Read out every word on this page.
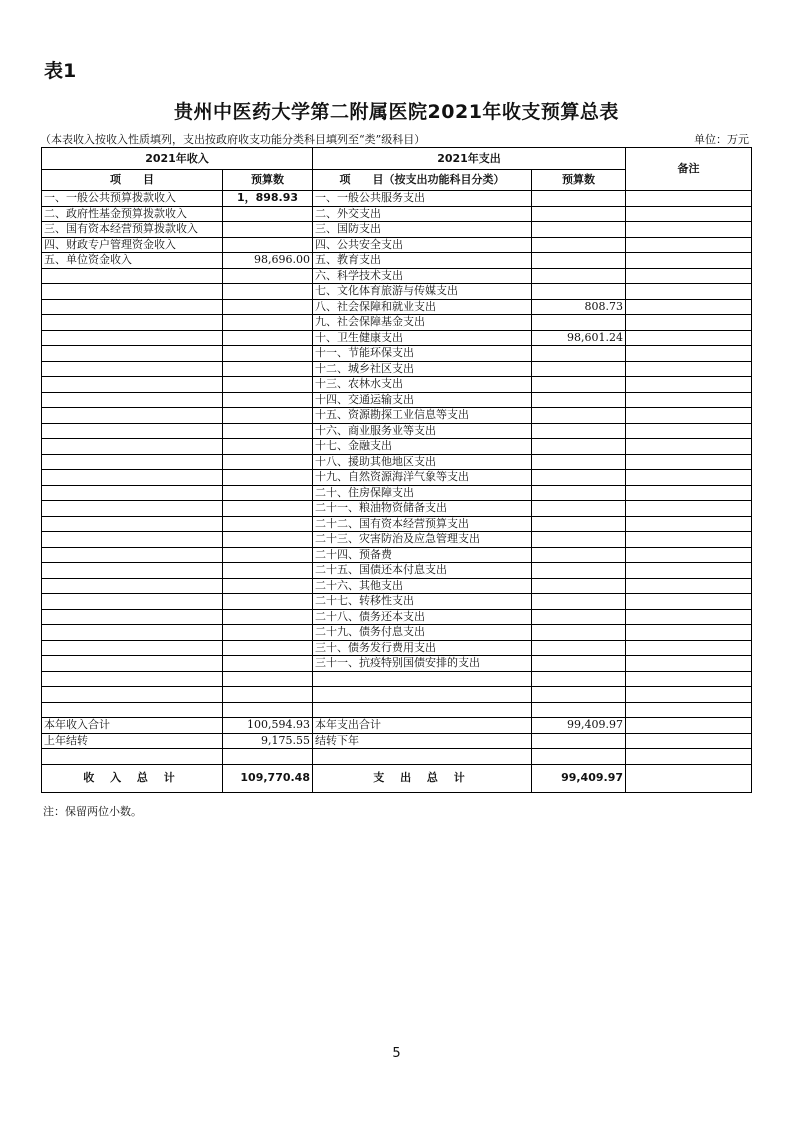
表1
贵州中医药大学第二附属医院2021年收支预算总表
（本表收入按收入性质填列，支出按政府收支功能分类科目填列至“类”级科目）	单位：万元
2021年收入		2021年支出		备注
项　　目	预算数	项　　目（按支出功能科目分类）	预算数	
一、一般公共预算拨款收入	1，898.93	一、一般公共服务支出		
二、政府性基金预算拨款收入		二、外交支出		
三、国有资本经营预算拨款收入		三、国防支出		
四、财政专户管理资金收入		四、公共安全支出		
五、单位资金收入	98,696.00	五、教育支出		
		六、科学技术支出		
		七、文化体育旅游与传媒支出		
		八、社会保障和就业支出	808.73	
		九、社会保障基金支出		
		十、卫生健康支出	98,601.24	
		十一、节能环保支出		
		十二、城乡社区支出		
		十三、农林水支出		
		十四、交通运输支出		
		十五、资源勘探工业信息等支出		
		十六、商业服务业等支出		
		十七、金融支出		
		十八、援助其他地区支出		
		十九、自然资源海洋气象等支出		
		二十、住房保障支出		
		二十一、粮油物资储备支出		
		二十二、国有资本经营预算支出		
		二十三、灾害防治及应急管理支出		
		二十四、预备费		
		二十五、国债还本付息支出		
		二十六、其他支出		
		二十七、转移性支出		
		二十八、债务还本支出		
		二十九、债务付息支出		
		三十、债务发行费用支出		
		三十一、抗疫特别国债安排的支出		

本年收入合计	100,594.93	本年支出合计	99,409.97	
上年结转	9,175.55	结转下年		

收 入 总 计	109,770.48	支 出 总 计	99,409.97	
注：保留两位小数。
5
